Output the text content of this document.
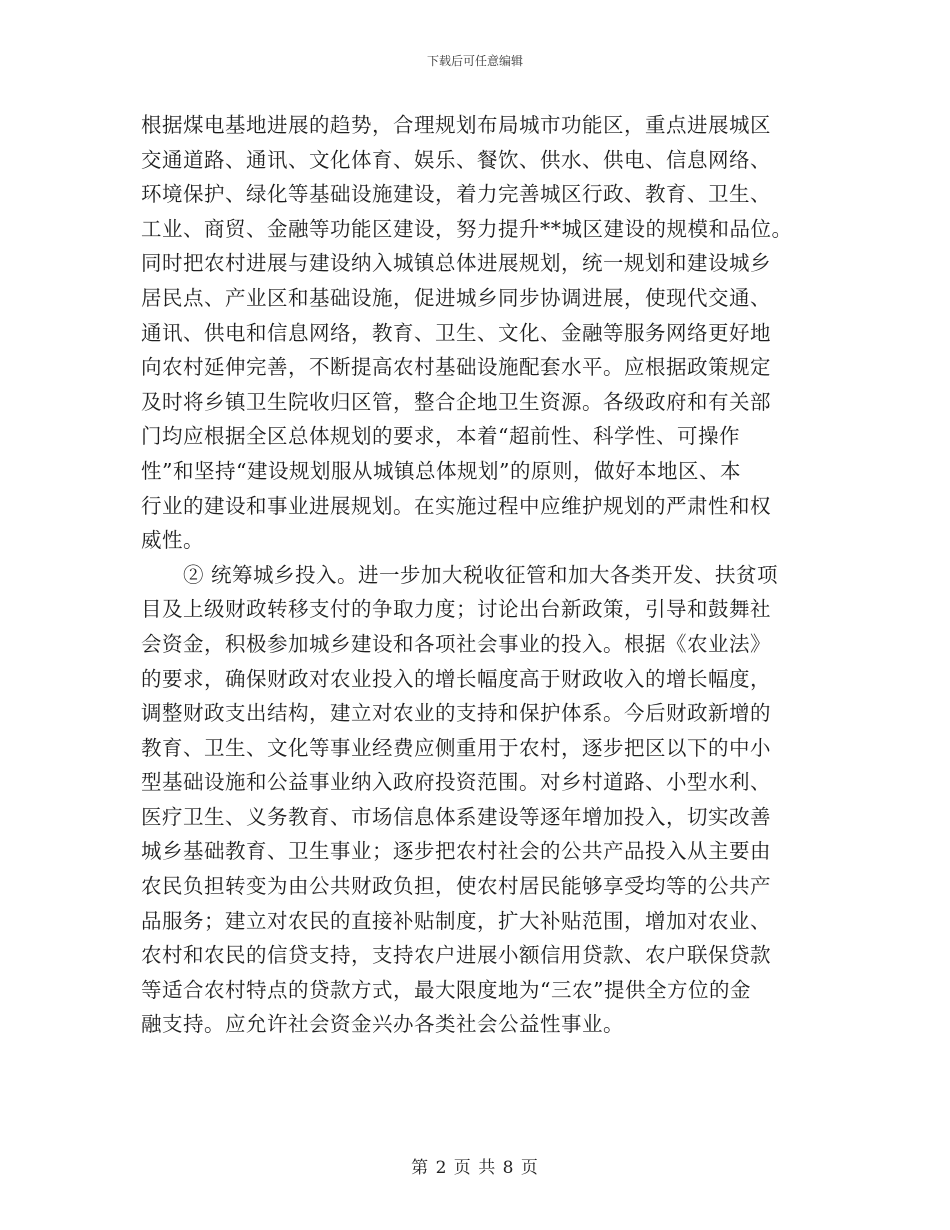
下载后可任意编辑
根据煤电基地进展的趋势，合理规划布局城市功能区，重点进展城区
交通道路、通讯、文化体育、娱乐、餐饮、供水、供电、信息网络、
环境保护、绿化等基础设施建设，着力完善城区行政、教育、卫生、
工业、商贸、金融等功能区建设，努力提升**城区建设的规模和品位。
同时把农村进展与建设纳入城镇总体进展规划，统一规划和建设城乡
居民点、产业区和基础设施，促进城乡同步协调进展，使现代交通、
通讯、供电和信息网络，教育、卫生、文化、金融等服务网络更好地
向农村延伸完善，不断提高农村基础设施配套水平。应根据政策规定
及时将乡镇卫生院收归区管，整合企地卫生资源。各级政府和有关部
门均应根据全区总体规划的要求，本着“超前性、科学性、可操作
性”和坚持“建设规划服从城镇总体规划”的原则，做好本地区、本
行业的建设和事业进展规划。在实施过程中应维护规划的严肃性和权
威性。
② 统筹城乡投入。进一步加大税收征管和加大各类开发、扶贫项
目及上级财政转移支付的争取力度；讨论出台新政策，引导和鼓舞社
会资金，积极参加城乡建设和各项社会事业的投入。根据《农业法》
的要求，确保财政对农业投入的增长幅度高于财政收入的增长幅度，
调整财政支出结构，建立对农业的支持和保护体系。今后财政新增的
教育、卫生、文化等事业经费应侧重用于农村，逐步把区以下的中小
型基础设施和公益事业纳入政府投资范围。对乡村道路、小型水利、
医疗卫生、义务教育、市场信息体系建设等逐年增加投入，切实改善
城乡基础教育、卫生事业；逐步把农村社会的公共产品投入从主要由
农民负担转变为由公共财政负担，使农村居民能够享受均等的公共产
品服务；建立对农民的直接补贴制度，扩大补贴范围，增加对农业、
农村和农民的信贷支持，支持农户进展小额信用贷款、农户联保贷款
等适合农村特点的贷款方式，最大限度地为“三农”提供全方位的金
融支持。应允许社会资金兴办各类社会公益性事业。
第 2 页 共 8 页
